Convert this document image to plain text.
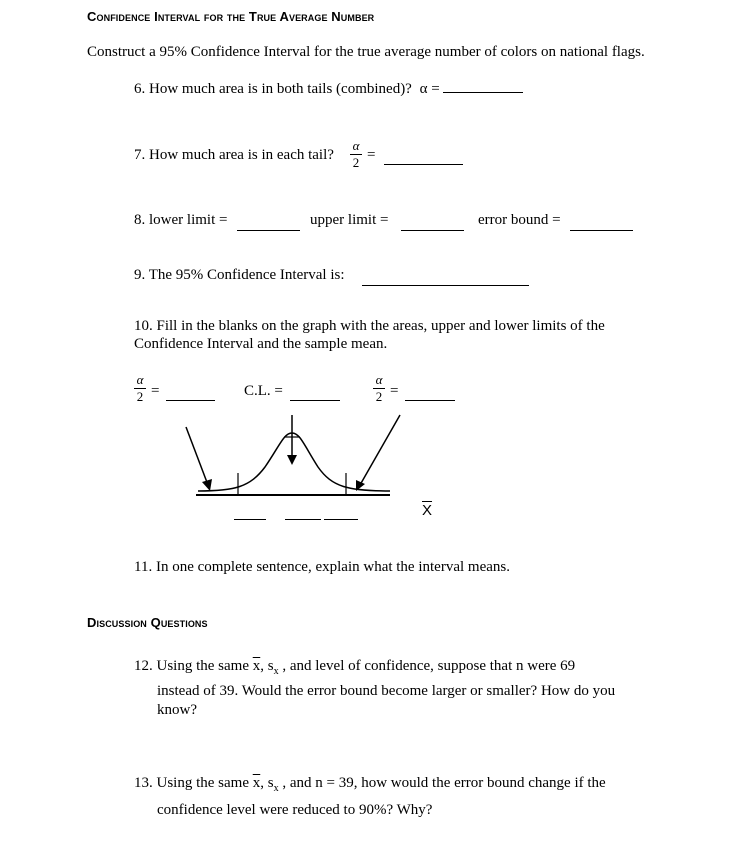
Confidence Interval for the True Average Number
Construct a 95% Confidence Interval for the true average number of colors on national flags.
6. How much area is in both tails (combined)? α =
7. How much area is in each tail?
α
2 =
8. lower limit =	upper limit =	error bound =
9. The 95% Confidence Interval is:
10. Fill in the blanks on the graph with the areas, upper and lower limits of the
Confidence Interval and the sample mean.
α
2 =	C.L. =
α
2 =
$\overline{X}$
11. In one complete sentence, explain what the interval means.
Discussion Questions
12. Using the same $\overline{x}$, $s_x$ , and level of confidence, suppose that n were 69
instead of 39. Would the error bound become larger or smaller? How do you
know?
13. Using the same $\overline{x}$, $s_x$ , and n = 39, how would the error bound change if the
confidence level were reduced to 90%? Why?
